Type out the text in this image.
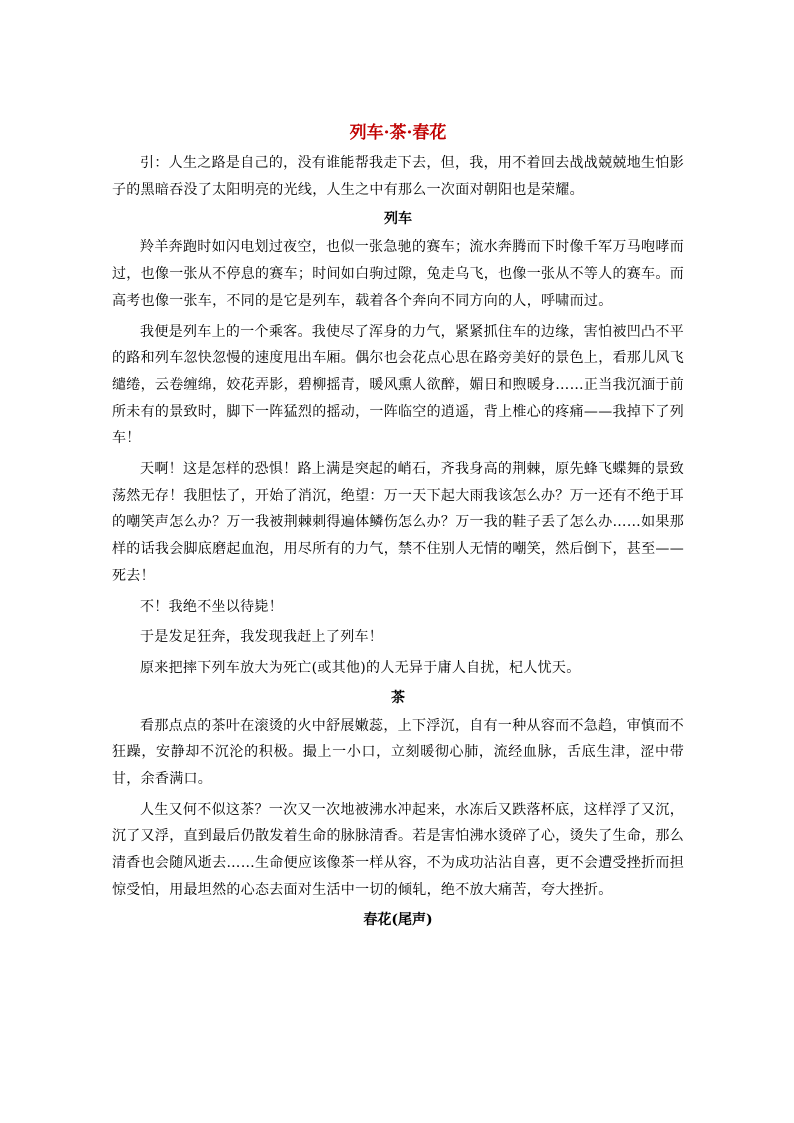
列车·茶·春花

引：人生之路是自己的，没有谁能帮我走下去，但，我，用不着回去战战兢兢地生怕影子的黑暗吞没了太阳明亮的光线，人生之中有那么一次面对朝阳也是荣耀。

列车

羚羊奔跑时如闪电划过夜空，也似一张急驰的赛车；流水奔腾而下时像千军万马咆哮而过，也像一张从不停息的赛车；时间如白驹过隙，兔走乌飞，也像一张从不等人的赛车。而高考也像一张车，不同的是它是列车，载着各个奔向不同方向的人，呼啸而过。

我便是列车上的一个乘客。我使尽了浑身的力气，紧紧抓住车的边缘，害怕被凹凸不平的路和列车忽快忽慢的速度甩出车厢。偶尔也会花点心思在路旁美好的景色上，看那儿风飞缱绻，云卷缠绵，姣花弄影，碧柳摇青，暖风熏人欲醉，媚日和煦暖身……正当我沉湎于前所未有的景致时，脚下一阵猛烈的摇动，一阵临空的逍遥，背上椎心的疼痛——我掉下了列车！

天啊！这是怎样的恐惧！路上满是突起的峭石，齐我身高的荆棘，原先蜂飞蝶舞的景致荡然无存！我胆怯了，开始了消沉，绝望：万一天下起大雨我该怎么办？万一还有不绝于耳的嘲笑声怎么办？万一我被荆棘刺得遍体鳞伤怎么办？万一我的鞋子丢了怎么办……如果那样的话我会脚底磨起血泡，用尽所有的力气，禁不住别人无情的嘲笑，然后倒下，甚至——死去！

不！我绝不坐以待毙！

于是发足狂奔，我发现我赶上了列车！

原来把摔下列车放大为死亡(或其他)的人无异于庸人自扰，杞人忧天。

茶

看那点点的茶叶在滚烫的火中舒展嫩蕊，上下浮沉，自有一种从容而不急趋，审慎而不狂躁，安静却不沉沦的积极。撮上一小口，立刻暖彻心肺，流经血脉，舌底生津，涩中带甘，余香满口。

人生又何不似这茶？一次又一次地被沸水冲起来，水冻后又跌落杯底，这样浮了又沉，沉了又浮，直到最后仍散发着生命的脉脉清香。若是害怕沸水烫碎了心，烫失了生命，那么清香也会随风逝去……生命便应该像茶一样从容，不为成功沾沾自喜，更不会遭受挫折而担惊受怕，用最坦然的心态去面对生活中一切的倾轧，绝不放大痛苦，夸大挫折。

春花(尾声)
